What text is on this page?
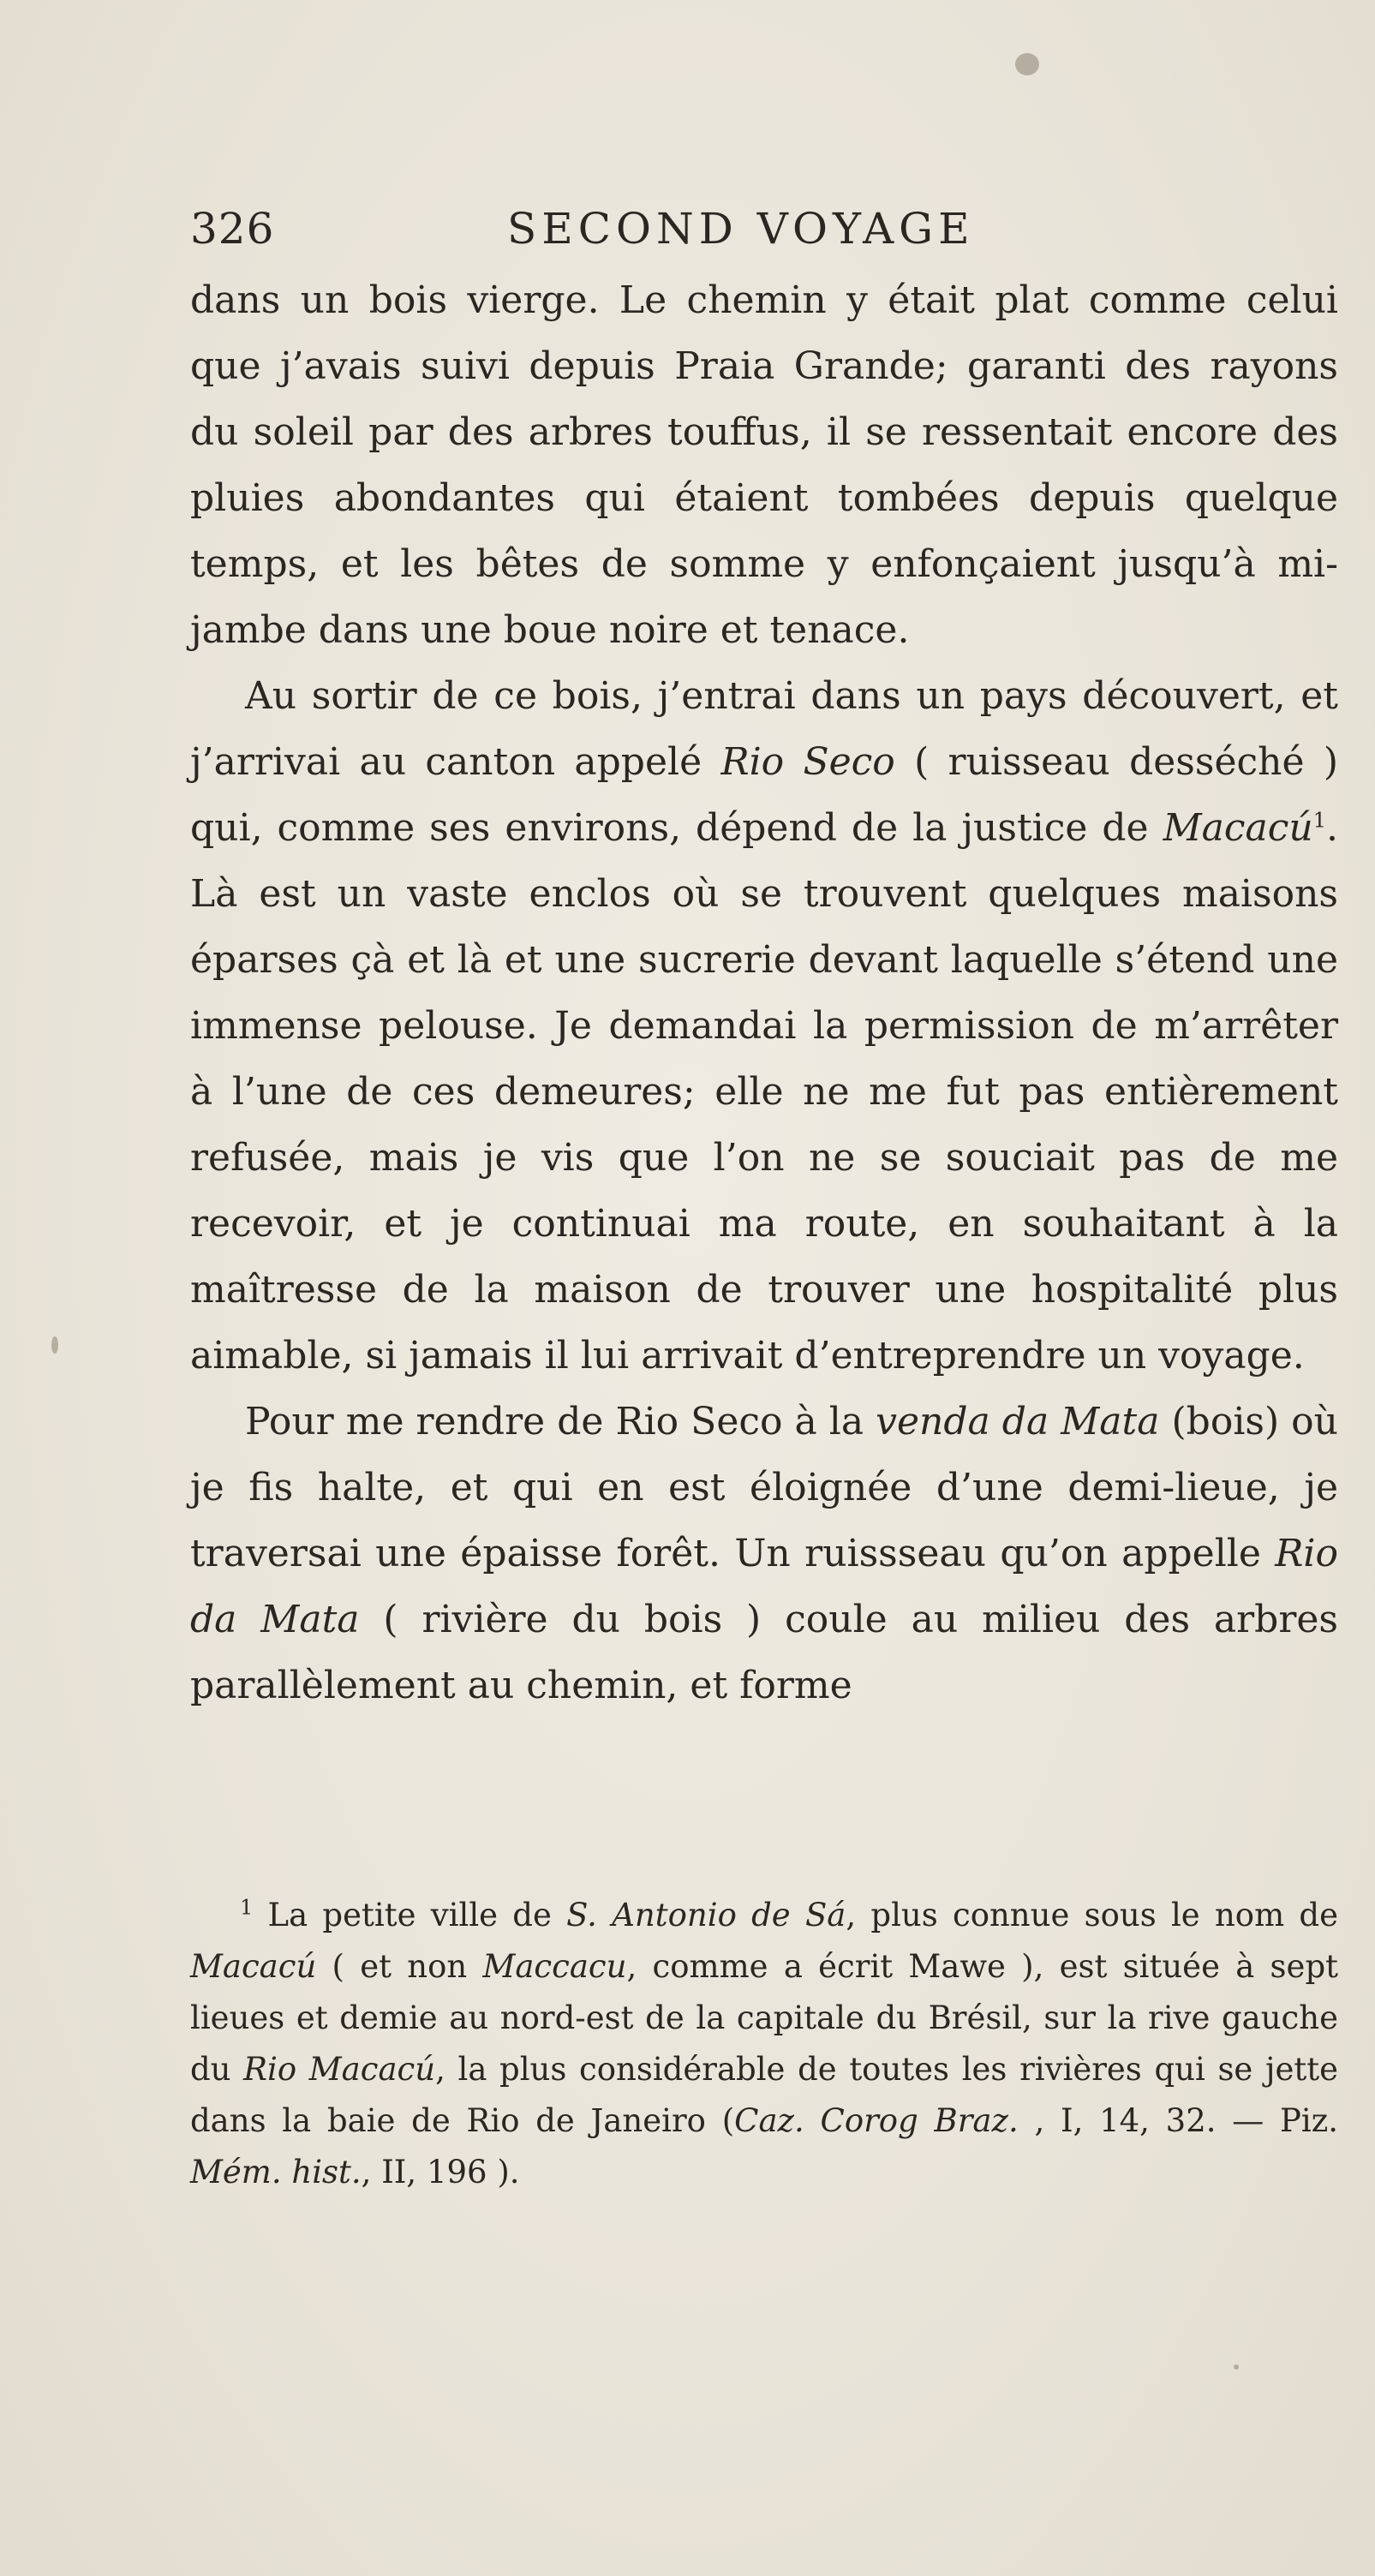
326	SECOND VOYAGE

dans un bois vierge. Le chemin y était plat comme celui que j’avais suivi depuis Praia Grande; garanti des rayons du soleil par des arbres touffus, il se ressentait encore des pluies abondantes qui étaient tombées depuis quelque temps, et les bêtes de somme y enfonçaient jusqu’à mi-jambe dans une boue noire et tenace.

Au sortir de ce bois, j’entrai dans un pays découvert, et j’arrivai au canton appelé Rio Seco ( ruisseau desséché ) qui, comme ses environs, dépend de la justice de Macacú$^1$. Là est un vaste enclos où se trouvent quelques maisons éparses çà et là et une sucrerie devant laquelle s’étend une immense pelouse. Je demandai la permission de m’arrêter à l’une de ces demeures; elle ne me fut pas entièrement refusée, mais je vis que l’on ne se souciait pas de me recevoir, et je continuai ma route, en souhaitant à la maîtresse de la maison de trouver une hospitalité plus aimable, si jamais il lui arrivait d’entreprendre un voyage.

Pour me rendre de Rio Seco à la venda da Mata (bois) où je fis halte, et qui en est éloignée d’une demi-lieue, je traversai une épaisse forêt. Un ruissseau qu’on appelle Rio da Mata ( rivière du bois ) coule au milieu des arbres parallèlement au chemin, et forme

$^1$ La petite ville de S. Antonio de Sá, plus connue sous le nom de Macacú ( et non Maccacu, comme a écrit Mawe ), est située à sept lieues et demie au nord-est de la capitale du Brésil, sur la rive gauche du Rio Macacú, la plus considérable de toutes les rivières qui se jette dans la baie de Rio de Janeiro (Caz. Corog Braz. , I, 14, 32. — Piz. Mém. hist., II, 196 ).
